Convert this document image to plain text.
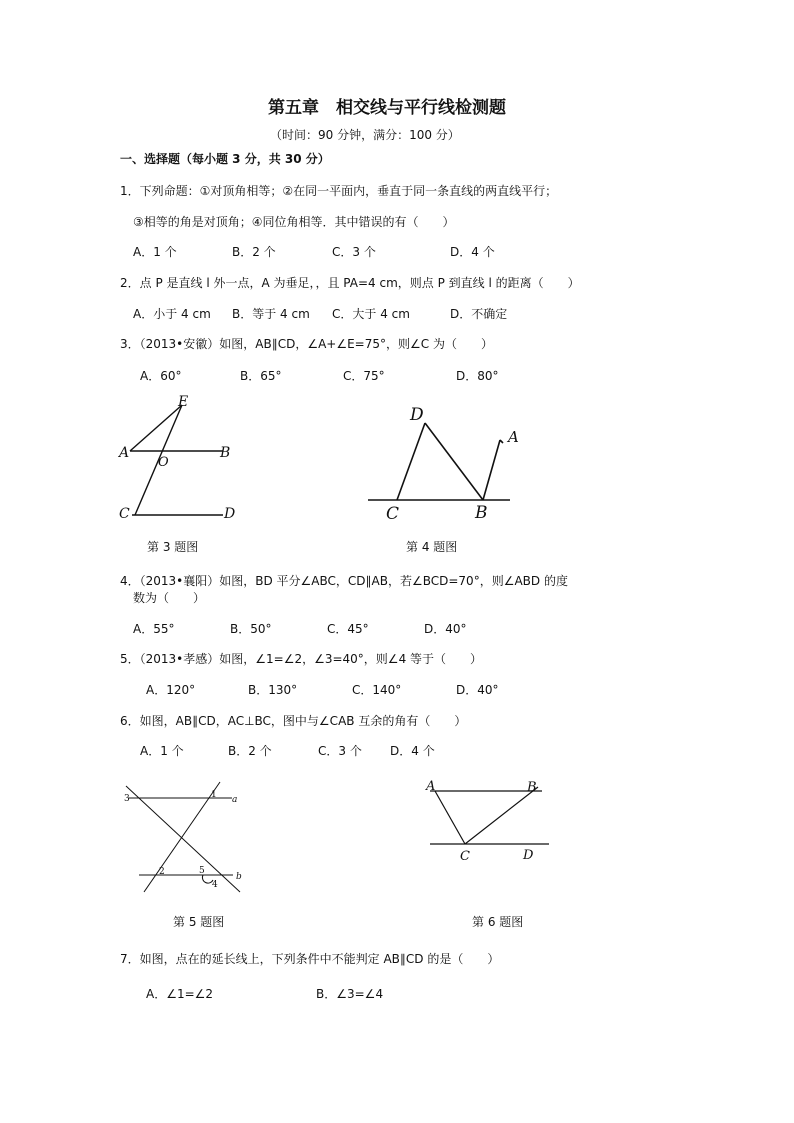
第五章　相交线与平行线检测题
（时间：90 分钟，满分：100 分）
一、选择题（每小题 3 分，共 30 分）
1．下列命题：①对顶角相等；②在同一平面内，垂直于同一条直线的两直线平行；
③相等的角是对顶角；④同位角相等．其中错误的有（　　）
A．1 个	B．2 个	C．3 个	D．4 个
2．点 P 是直线 l 外一点，A 为垂足，，且 PA=4 cm，则点 P 到直线 l 的距离（　　）
A．小于 4 cm B．等于 4 cm C．大于 4 cm	D．不确定
3．（2013•安徽）如图，AB∥CD，∠A+∠E=75°，则∠C 为（　　）
A．60°	B．65°	C．75°	D．80°
E
A	B
O
C	D
第 3 题图
D
A
C	B
第 4 题图
4．（2013•襄阳）如图，BD 平分∠ABC，CD∥AB，若∠BCD=70°，则∠ABD 的度
数为（　　）
A．55°	B．50°	C．45°	D．40°
5．（2013•孝感）如图，∠1=∠2，∠3=40°，则∠4 等于（　　）
A．120°	B．130°	C．140°	D．40°
6．如图，AB∥CD，AC⊥BC，图中与∠CAB 互余的角有（　　）
A．1 个	B．2 个	C．3 个 D．4 个
3	1 a
2	5
4
b
第 5 题图
A	B
C	D
第 6 题图
7．如图，点在的延长线上，下列条件中不能判定 AB∥CD 的是（　　）
A．∠1=∠2	B．∠3=∠4
